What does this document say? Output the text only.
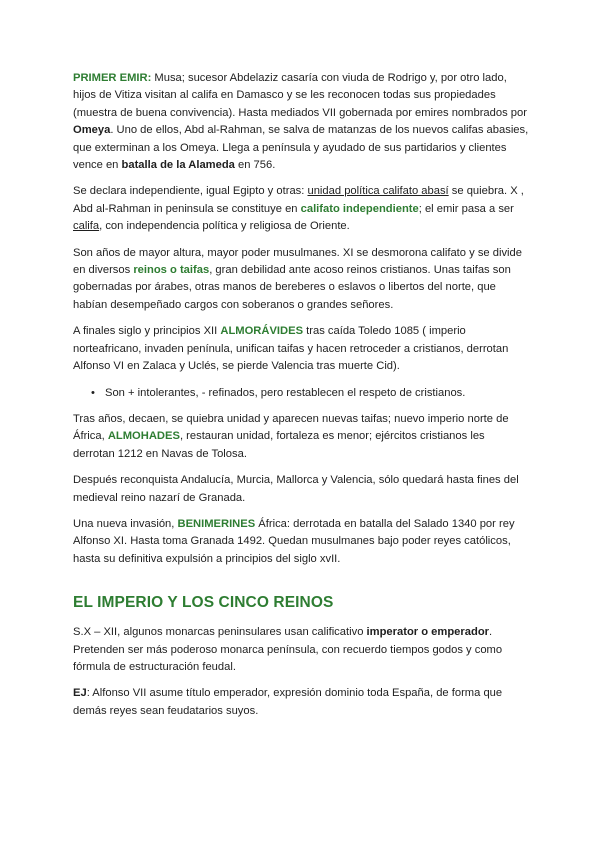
PRIMER EMIR: Musa; sucesor Abdelaziz casaría con viuda de Rodrigo y, por otro lado, hijos de Vitiza visitan al califa en Damasco y se les reconocen todas sus propiedades (muestra de buena convivencia). Hasta mediados VII gobernada por emires nombrados por Omeya. Uno de ellos, Abd al-Rahman, se salva de matanzas de los nuevos califas abasies, que exterminan a los Omeya. Llega a península y ayudado de sus partidarios y clientes vence en batalla de la Alameda en 756.

Se declara independiente, igual Egipto y otras: unidad política califato abasí se quiebra. X , Abd al-Rahman in peninsula se constituye en califato independiente; el emir pasa a ser califa, con independencia política y religiosa de Oriente.

Son años de mayor altura, mayor poder musulmanes. XI se desmorona califato y se divide en diversos reinos o taifas, gran debilidad ante acoso reinos cristianos. Unas taifas son gobernadas por árabes, otras manos de bereberes o eslavos o libertos del norte, que habían desempeñado cargos con soberanos o grandes señores.

A finales siglo y principios XII ALMORÁVIDES tras caída Toledo 1085 ( imperio norteafricano, invaden penínula, unifican taifas y hacen retroceder a cristianos, derrotan Alfonso VI en Zalaca y Uclés, se pierde Valencia tras muerte Cid).

• Son + intolerantes, - refinados, pero restablecen el respeto de cristianos.

Tras años, decaen, se quiebra unidad y aparecen nuevas taifas; nuevo imperio norte de África, ALMOHADES, restauran unidad, fortaleza es menor; ejércitos cristianos les derrotan 1212 en Navas de Tolosa.

Después reconquista Andalucía, Murcia, Mallorca y Valencia, sólo quedará hasta fines del medieval reino nazarí de Granada.

Una nueva invasión, BENIMERINES África: derrotada en batalla del Salado 1340 por rey Alfonso XI. Hasta toma Granada 1492. Quedan musulmanes bajo poder reyes católicos, hasta su definitiva expulsión a principios del siglo xvII.

EL IMPERIO Y LOS CINCO REINOS

S.X – XII, algunos monarcas peninsulares usan calificativo imperator o emperador. Pretenden ser más poderoso monarca península, con recuerdo tiempos godos y como fórmula de estructuración feudal.

EJ: Alfonso VII asume título emperador, expresión dominio toda España, de forma que demás reyes sean feudatarios suyos.
